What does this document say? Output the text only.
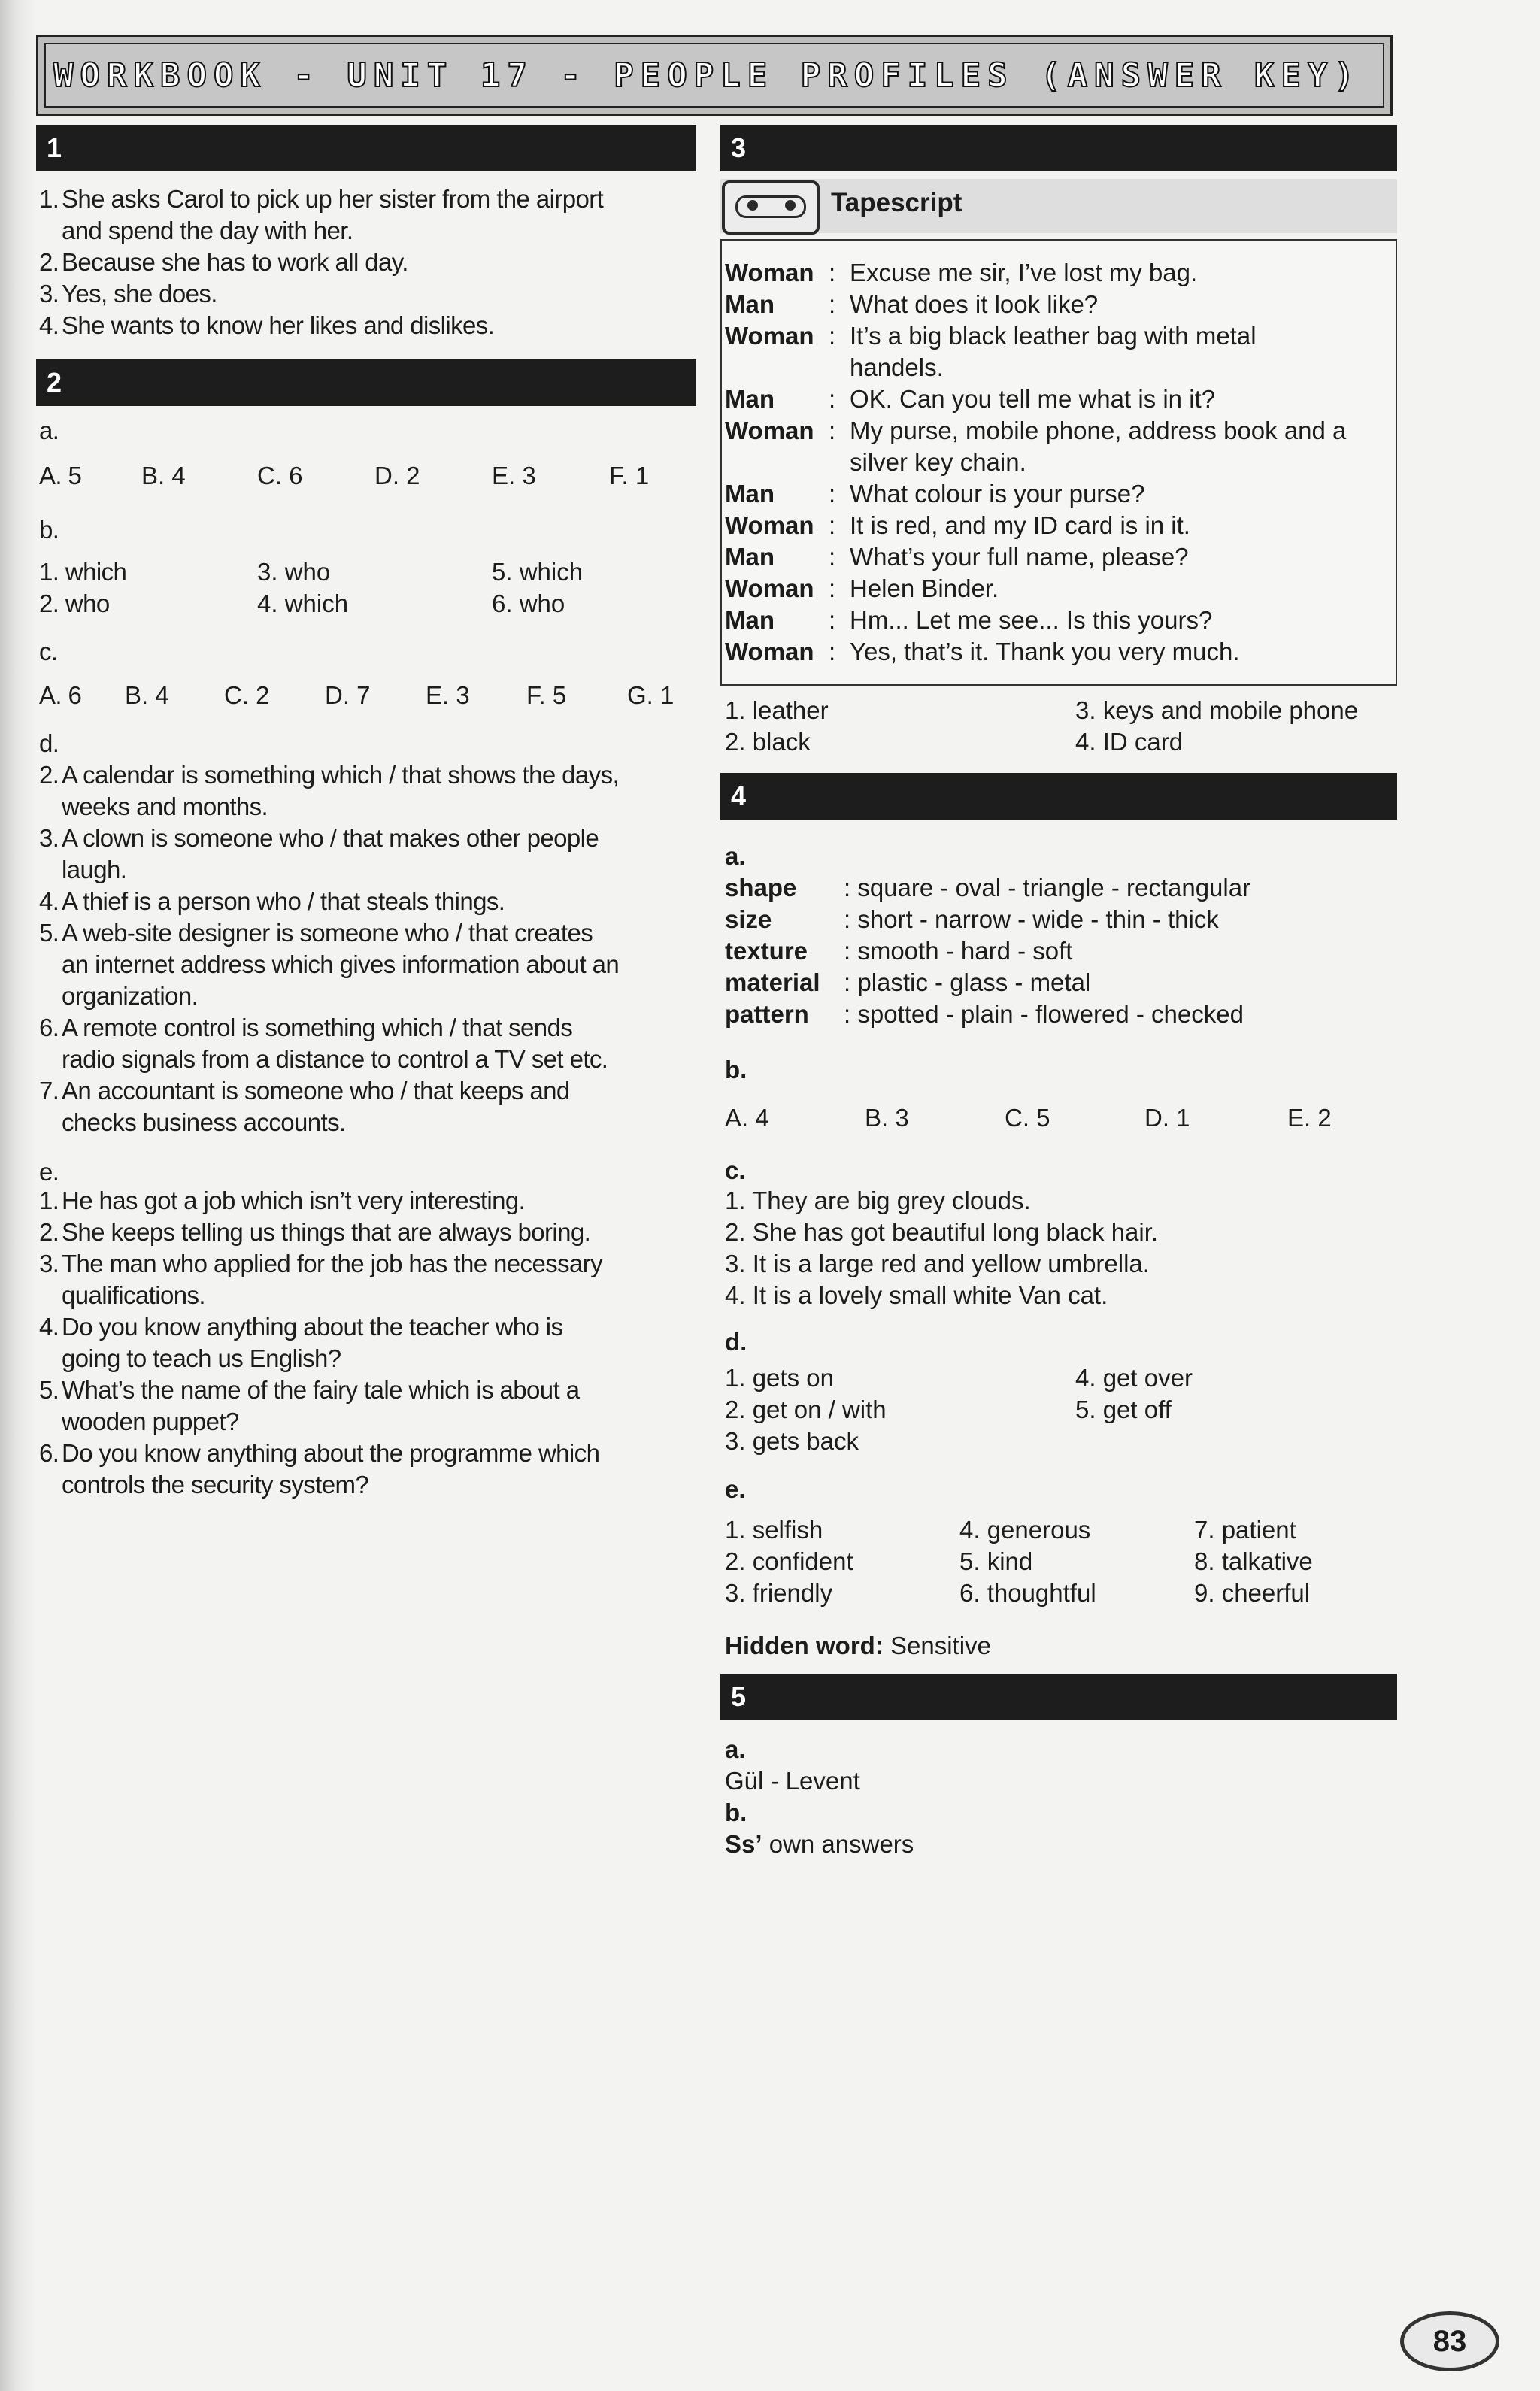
WORKBOOK - UNIT 17 - PEOPLE PROFILES (ANSWER KEY)
1
1. She asks Carol to pick up her sister from the airport
and spend the day with her.
2. Because she has to work all day.
3. Yes, she does.
4. She wants to know her likes and dislikes.
2
a.
A. 5 B. 4	C. 6	D. 2	E. 3	F. 1
b.
1. which	3. who	5. which
2. who	4. which	6. who
c.
A. 6 B. 4 C. 2 D. 7 E. 3 F. 5 G. 1
d.
2. A calendar is something which / that shows the days,
weeks and months.
3. A clown is someone who / that makes other people
laugh.
4. A thief is a person who / that steals things.
5. A web-site designer is someone who / that creates
an internet address which gives information about an
organization.
6. A remote control is something which / that sends
radio signals from a distance to control a TV set etc.
7. An accountant is someone who / that keeps and
checks business accounts.
e.
1. He has got a job which isn’t very interesting.
2. She keeps telling us things that are always boring.
3. The man who applied for the job has the necessary
qualifications.
4. Do you know anything about the teacher who is
going to teach us English?
5. What’s the name of the fairy tale which is about a
wooden puppet?
6. Do you know anything about the programme which
controls the security system?
3
Tapescript
Woman : Excuse me sir, I’ve lost my bag.
Man : What does it look like?
Woman : It’s a big black leather bag with metal
handels.
Man : OK. Can you tell me what is in it?
Woman : My purse, mobile phone, address book and a
silver key chain.
Man : What colour is your purse?
Woman : It is red, and my ID card is in it.
Man : What’s your full name, please?
Woman : Helen Binder.
Man : Hm... Let me see... Is this yours?
Woman : Yes, that’s it. Thank you very much.
1. leather	3. keys and mobile phone
2. black	4. ID card
4
a.
shape : square - oval - triangle - rectangular
size	: short - narrow - wide - thin - thick
texture : smooth - hard - soft
material : plastic - glass - metal
pattern : spotted - plain - flowered - checked
b.
A. 4	B. 3	C. 5	D. 1	E. 2
c.
1. They are big grey clouds.
2. She has got beautiful long black hair.
3. It is a large red and yellow umbrella.
4. It is a lovely small white Van cat.
d.
1. gets on	4. get over
2. get on / with	5. get off
3. gets back
e.
1. selfish	4. generous	7. patient
2. confident	5. kind	8. talkative
3. friendly	6. thoughtful	9. cheerful
Hidden word: Sensitive
5
a.
Gül - Levent
b.
Ss’ own answers
83
